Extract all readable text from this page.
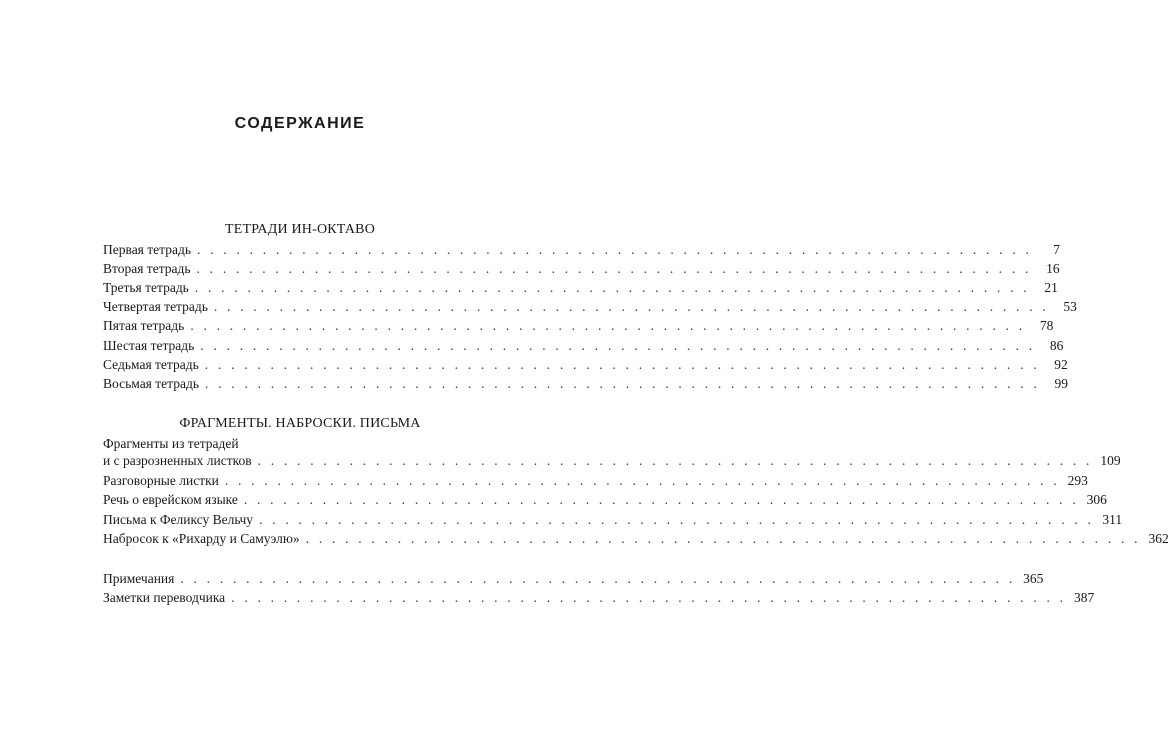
СОДЕРЖАНИЕ
ТЕТРАДИ ИН-ОКТАВО
Первая тетрадь . . . . . . . . . . . . . . . . . . . . . . . . . . . . . . . . . . . . . . . . . . . . . . . . . . . . . . . . . . . . . . . .	7
Вторая тетрадь . . . . . . . . . . . . . . . . . . . . . . . . . . . . . . . . . . . . . . . . . . . . . . . . . . . . . . . . . . . . . . . .	16
Третья тетрадь . . . . . . . . . . . . . . . . . . . . . . . . . . . . . . . . . . . . . . . . . . . . . . . . . . . . . . . . . . . . . . . .	21
Четвертая тетрадь . . . . . . . . . . . . . . . . . . . . . . . . . . . . . . . . . . . . . . . . . . . . . . . . . . . . . . . . . . . . . . . .	53
Пятая тетрадь . . . . . . . . . . . . . . . . . . . . . . . . . . . . . . . . . . . . . . . . . . . . . . . . . . . . . . . . . . . . . . . .	78
Шестая тетрадь . . . . . . . . . . . . . . . . . . . . . . . . . . . . . . . . . . . . . . . . . . . . . . . . . . . . . . . . . . . . . . . .	86
Седьмая тетрадь . . . . . . . . . . . . . . . . . . . . . . . . . . . . . . . . . . . . . . . . . . . . . . . . . . . . . . . . . . . . . . . .	92
Восьмая тетрадь . . . . . . . . . . . . . . . . . . . . . . . . . . . . . . . . . . . . . . . . . . . . . . . . . . . . . . . . . . . . . . . .	99
ФРАГМЕНТЫ. НАБРОСКИ. ПИСЬМА
Фрагменты из тетрадей
и с разрозненных листков . . . . . . . . . . . . . . . . . . . . . . . . . . . . . . . . . . . . . . . . . . . . . . . . . . . . . . . . . . . . . . . . 109
Разговорные листки . . . . . . . . . . . . . . . . . . . . . . . . . . . . . . . . . . . . . . . . . . . . . . . . . . . . . . . . . . . . . . . . 293
Речь о еврейском языке . . . . . . . . . . . . . . . . . . . . . . . . . . . . . . . . . . . . . . . . . . . . . . . . . . . . . . . . . . . . . . . . 306
Письма к Феликсу Вельчу . . . . . . . . . . . . . . . . . . . . . . . . . . . . . . . . . . . . . . . . . . . . . . . . . . . . . . . . . . . . . . . . 311
Набросок к «Рихарду и Самуэлю» . . . . . . . . . . . . . . . . . . . . . . . . . . . . . . . . . . . . . . . . . . . . . . . . . . . . . . . . . . . . . . . . 362
Примечания . . . . . . . . . . . . . . . . . . . . . . . . . . . . . . . . . . . . . . . . . . . . . . . . . . . . . . . . . . . . . . . . 365
Заметки переводчика . . . . . . . . . . . . . . . . . . . . . . . . . . . . . . . . . . . . . . . . . . . . . . . . . . . . . . . . . . . . . . . . 387
